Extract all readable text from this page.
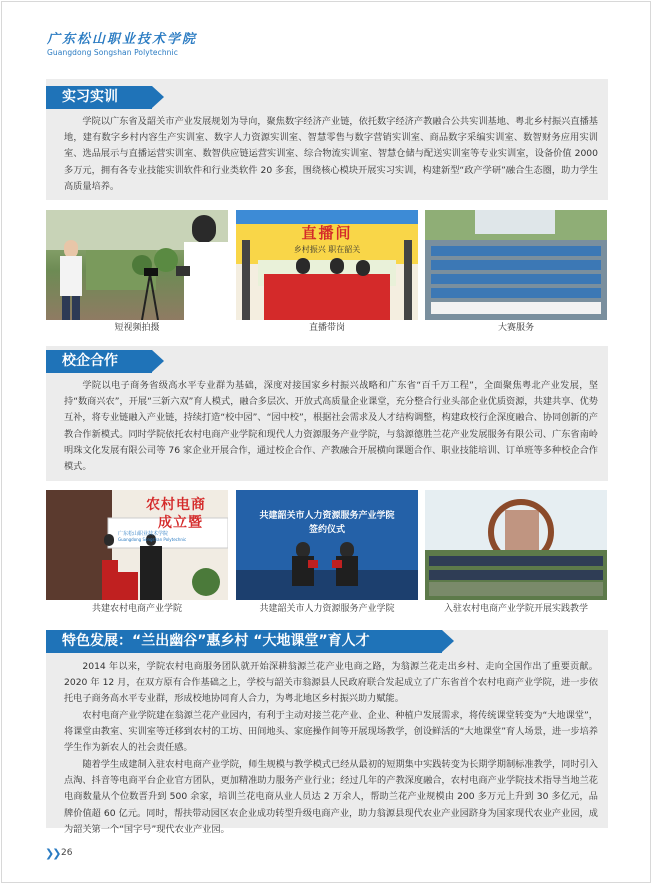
广东松山职业技术学院
Guangdong Songshan Polytechnic
实习实训

学院以广东省及韶关市产业发展规划为导向，聚焦数字经济产业链，依托数字经济产教融合公共实训基地、粤北乡村振兴直播基地，建有数字乡村内容生产实训室、数字人力资源实训室、智慧零售与数字营销实训室、商品数字采编实训室、数智财务应用实训室、选品展示与直播运营实训室、数智供应链运营实训室、综合物流实训室、智慧仓储与配送实训室等专业实训室，设备价值 2000 多万元，拥有各专业技能实训软件和行业类软件 20 多套，围绕核心模块开展实习实训，构建新型“政产学研”融合生态圈，助力学生高质量培养。

短视频拍摄
直播间
乡村振兴 职在韶关
直播带岗	大赛服务
校企合作

学院以电子商务省级高水平专业群为基础，深度对接国家乡村振兴战略和广东省“百千万工程”，全面聚焦粤北产业发展，坚持“数商兴农”，开展“三新六双”育人模式，融合多层次、开放式高质量企业课堂，充分整合行业头部企业优质资源，共建共享、优势互补，将专业链融入产业链，持续打造“校中园”、“园中校”，根据社会需求及人才结构调整，构建政校行企深度融合、协同创新的产教合作新模式。同时学院依托农村电商产业学院和现代人力资源服务产业学院，与翁源德胜兰花产业发展服务有限公司、广东省南岭明珠文化发展有限公司等 76 家企业开展合作，通过校企合作、产教融合开展横向课题合作、职业技能培训、订单班等多种校企合作模式。

农村电商
成立暨
广东松山职业技术学院
Guangdong Songshan Polytechnic
共建农村电商产业学院
共建韶关市人力资源服务产业学院
签约仪式
共建韶关市人力资源服务产业学院	入驻农村电商产业学院开展实践教学
特色发展：“兰出幽谷”惠乡村 “大地课堂”育人才

2014 年以来，学院农村电商服务团队就开始深耕翁源兰花产业电商之路，为翁源兰花走出乡村、走向全国作出了重要贡献。2020 年 12 月，在双方原有合作基础之上，学校与韶关市翁源县人民政府联合发起成立了广东省首个农村电商产业学院，进一步依托电子商务高水平专业群，形成校地协同育人合力，为粤北地区乡村振兴助力赋能。

农村电商产业学院建在翁源兰花产业园内，有利于主动对接兰花产业、企业、种植户发展需求，将传统课堂转变为“大地课堂”，将课堂由教室、实训室等迁移到农村的工坊、田间地头、家庭操作间等开展现场教学，创设鲜活的“大地课堂”育人场景，进一步培养学生作为新农人的社会责任感。

随着学生成建制入驻农村电商产业学院，师生规模与教学模式已经从最初的短期集中实践转变为长期学期制标准教学，同时引入点淘、抖音等电商平台企业官方团队，更加精准助力服务产业行业；经过几年的产教深度融合，农村电商产业学院技术指导当地兰花电商数量从个位数晋升到 500 余家，培训兰花电商从业人员达 2 万余人，帮助兰花产业规模由 200 多万元上升到 30 多亿元，品牌价值超 60 亿元。同时，帮扶带动园区农企业成功转型升级电商产业，助力翁源县现代农业产业园跻身为国家现代农业产业园，成为韶关第一个“国字号”现代农业产业园。

❯❯ 26
